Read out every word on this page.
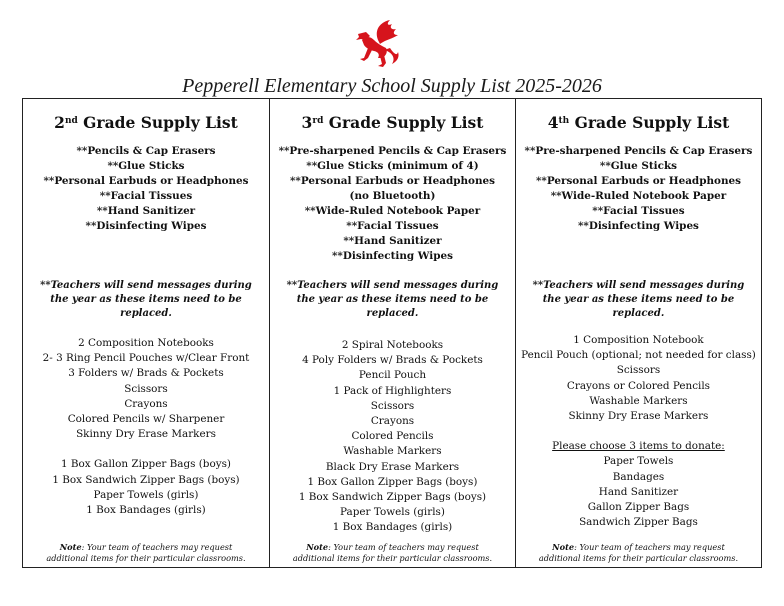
Pepperell Elementary School Supply List 2025-2026
2nd Grade Supply List
**Pencils & Cap Erasers
**Glue Sticks
**Personal Earbuds or Headphones
**Facial Tissues
**Hand Sanitizer
**Disinfecting Wipes

**Teachers will send messages during the year as these items need to be replaced.

2 Composition Notebooks
2- 3 Ring Pencil Pouches w/Clear Front
3 Folders w/ Brads & Pockets
Scissors
Crayons
Colored Pencils w/ Sharpener
Skinny Dry Erase Markers
1 Box Gallon Zipper Bags (boys)
1 Box Sandwich Zipper Bags (boys)
Paper Towels (girls)
1 Box Bandages (girls)
Note: Your team of teachers may request
additional items for their particular classrooms.
3rd Grade Supply List
**Pre-sharpened Pencils & Cap Erasers
**Glue Sticks (minimum of 4)
**Personal Earbuds or Headphones
(no Bluetooth)
**Wide-Ruled Notebook Paper
**Facial Tissues
**Hand Sanitizer
**Disinfecting Wipes

**Teachers will send messages during the year as these items need to be replaced.

2 Spiral Notebooks
4 Poly Folders w/ Brads & Pockets
Pencil Pouch
1 Pack of Highlighters
Scissors
Crayons
Colored Pencils
Washable Markers
Black Dry Erase Markers
1 Box Gallon Zipper Bags (boys)
1 Box Sandwich Zipper Bags (boys)
Paper Towels (girls)
1 Box Bandages (girls)
Note: Your team of teachers may request
additional items for their particular classrooms.
4th Grade Supply List
**Pre-sharpened Pencils & Cap Erasers
**Glue Sticks
**Personal Earbuds or Headphones
**Wide-Ruled Notebook Paper
**Facial Tissues
**Disinfecting Wipes

**Teachers will send messages during the year as these items need to be replaced.

1 Composition Notebook
Pencil Pouch (optional; not needed for class)
Scissors
Crayons or Colored Pencils
Washable Markers
Skinny Dry Erase Markers

Please choose 3 items to donate:

Paper Towels
Bandages
Hand Sanitizer
Gallon Zipper Bags
Sandwich Zipper Bags
Note: Your team of teachers may request
additional items for their particular classrooms.
